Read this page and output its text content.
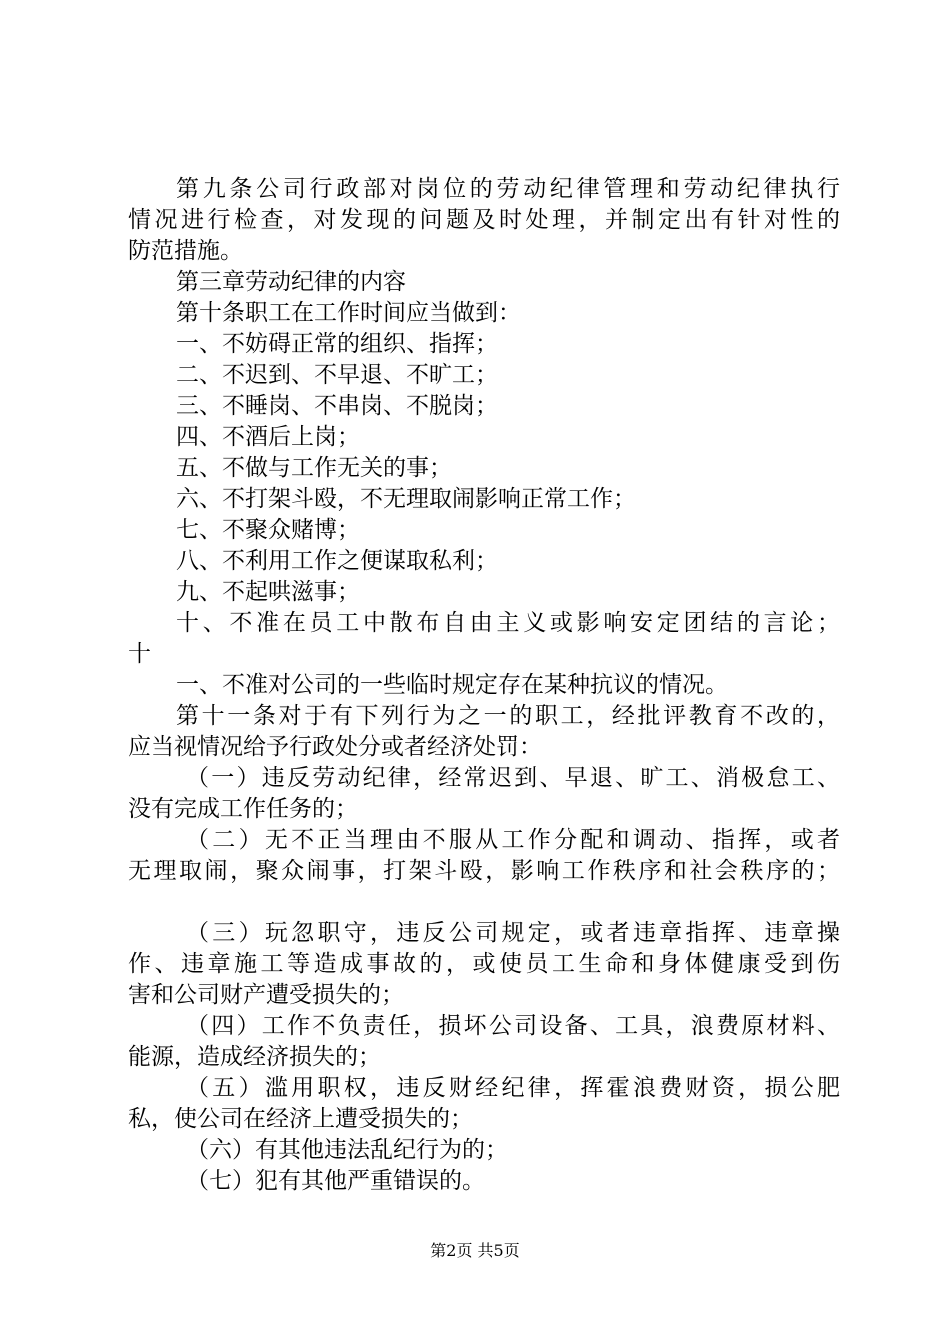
第九条公司行政部对岗位的劳动纪律管理和劳动纪律执行
情况进行检查，对发现的问题及时处理，并制定出有针对性的
防范措施。
第三章劳动纪律的内容
第十条职工在工作时间应当做到：
一、不妨碍正常的组织、指挥；
二、不迟到、不早退、不旷工；
三、不睡岗、不串岗、不脱岗；
四、不酒后上岗；
五、不做与工作无关的事；
六、不打架斗殴，不无理取闹影响正常工作；
七、不聚众赌博；
八、不利用工作之便谋取私利；
九、不起哄滋事；
十、不准在员工中散布自由主义或影响安定团结的言论；
十
一、不准对公司的一些临时规定存在某种抗议的情况。
第十一条对于有下列行为之一的职工，经批评教育不改的，
应当视情况给予行政处分或者经济处罚：
（一）违反劳动纪律，经常迟到、早退、旷工、消极怠工、
没有完成工作任务的；
（二）无不正当理由不服从工作分配和调动、指挥，或者
无理取闹，聚众闹事，打架斗殴，影响工作秩序和社会秩序的；
（三）玩忽职守，违反公司规定，或者违章指挥、违章操
作、违章施工等造成事故的，或使员工生命和身体健康受到伤
害和公司财产遭受损失的；
（四）工作不负责任，损坏公司设备、工具，浪费原材料、
能源，造成经济损失的；
（五）滥用职权，违反财经纪律，挥霍浪费财资，损公肥
私，使公司在经济上遭受损失的；
（六）有其他违法乱纪行为的；
（七）犯有其他严重错误的。
第2页 共5页
